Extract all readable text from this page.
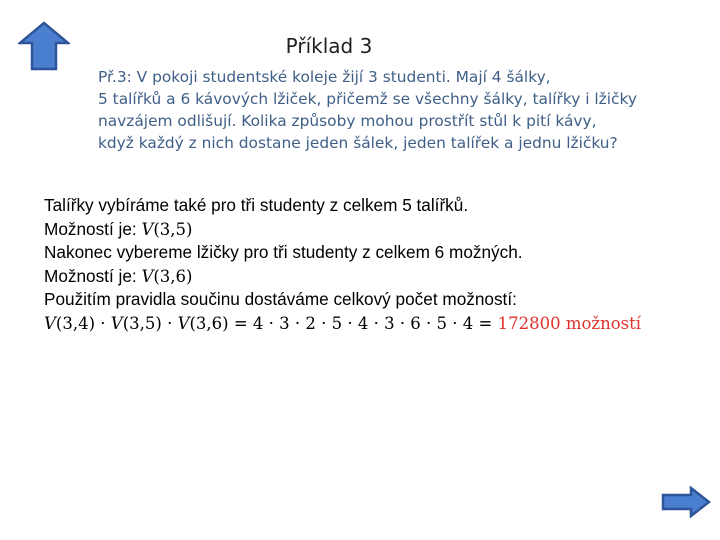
Příklad 3
Př.3: V pokoji studentské koleje žijí 3 studenti. Mají 4 šálky,
5 talířků a 6 kávových lžiček, přičemž se všechny šálky, talířky i lžičky
navzájem odlišují. Kolika způsoby mohou prostřít stůl k pití kávy,
když každý z nich dostane jeden šálek, jeden talířek a jednu lžičku?
Talířky vybíráme také pro tři studenty z celkem 5 talířků.
Možností je: V(3,5)
Nakonec vybereme lžičky pro tři studenty z celkem 6 možných.
Možností je: V(3,6)
Použitím pravidla součinu dostáváme celkový počet možností:
V(3,4) · V(3,5) · V(3,6) = 4 · 3 · 2 · 5 · 4 · 3 · 6 · 5 · 4 = 172800 možností
